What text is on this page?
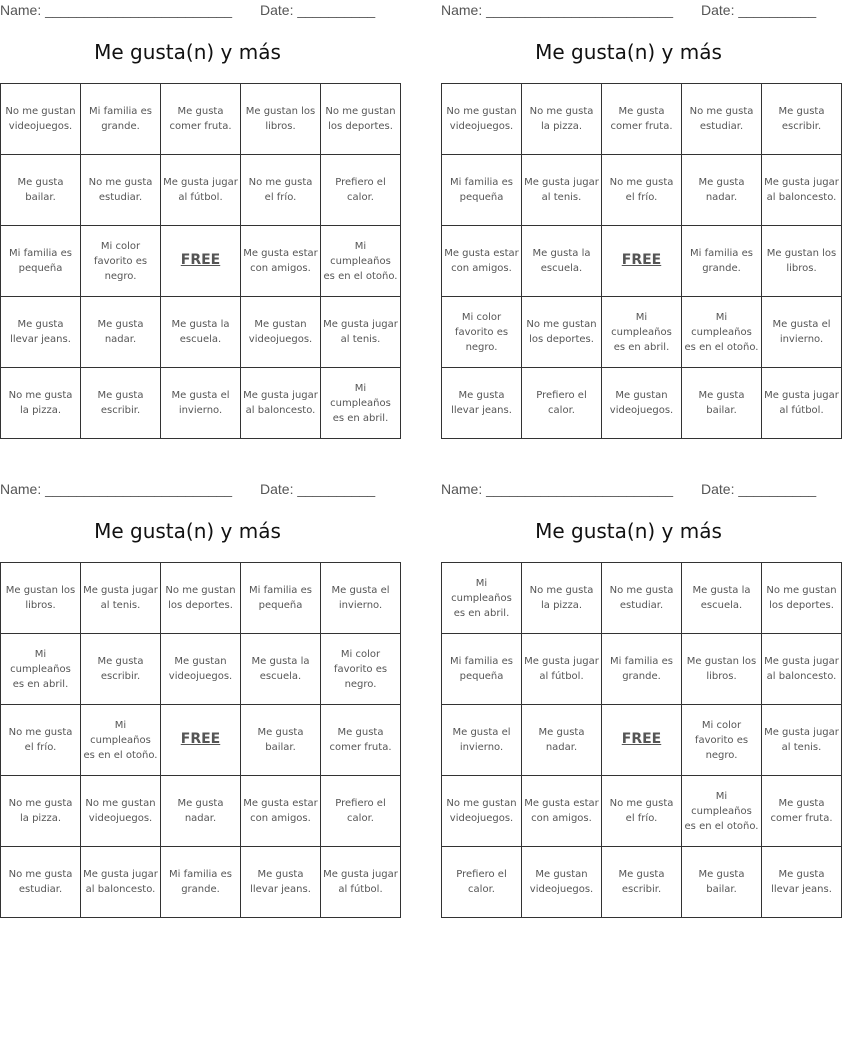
Name: ________________________ Date: __________
Me gusta(n) y más
No me gustan videojuegos.	Mi familia es grande.	Me gusta comer fruta.	Me gustan los libros.	No me gustan los deportes.
Me gusta bailar.	No me gusta estudiar.	Me gusta jugar al fútbol.	No me gusta el frío.	Prefiero el calor.
Mi familia es pequeña	Mi color favorito es negro.	FREE	Me gusta estar con amigos.	Mi cumpleaños es en el otoño.
Me gusta llevar jeans.	Me gusta nadar.	Me gusta la escuela.	Me gustan videojuegos.	Me gusta jugar al tenis.
No me gusta la pizza.	Me gusta escribir.	Me gusta el invierno.	Me gusta jugar al baloncesto.	Mi cumpleaños es en abril.
Name: ________________________ Date: __________
Me gusta(n) y más
No me gustan videojuegos.	No me gusta la pizza.	Me gusta comer fruta.	No me gusta estudiar.	Me gusta escribir.
Mi familia es pequeña	Me gusta jugar al tenis.	No me gusta el frío.	Me gusta nadar.	Me gusta jugar al baloncesto.
Me gusta estar con amigos.	Me gusta la escuela.	FREE	Mi familia es grande.	Me gustan los libros.
Mi color favorito es negro.	No me gustan los deportes.	Mi cumpleaños es en abril.	Mi cumpleaños es en el otoño.	Me gusta el invierno.
Me gusta llevar jeans.	Prefiero el calor.	Me gustan videojuegos.	Me gusta bailar.	Me gusta jugar al fútbol.
Name: ________________________ Date: __________
Me gusta(n) y más
Me gustan los libros.	Me gusta jugar al tenis.	No me gustan los deportes.	Mi familia es pequeña	Me gusta el invierno.
Mi cumpleaños es en abril.	Me gusta escribir.	Me gustan videojuegos.	Me gusta la escuela.	Mi color favorito es negro.
No me gusta el frío.	Mi cumpleaños es en el otoño.	FREE	Me gusta bailar.	Me gusta comer fruta.
No me gusta la pizza.	No me gustan videojuegos.	Me gusta nadar.	Me gusta estar con amigos.	Prefiero el calor.
No me gusta estudiar.	Me gusta jugar al baloncesto.	Mi familia es grande.	Me gusta llevar jeans.	Me gusta jugar al fútbol.
Name: ________________________ Date: __________
Me gusta(n) y más
Mi cumpleaños es en abril.	No me gusta la pizza.	No me gusta estudiar.	Me gusta la escuela.	No me gustan los deportes.
Mi familia es pequeña	Me gusta jugar al fútbol.	Mi familia es grande.	Me gustan los libros.	Me gusta jugar al baloncesto.
Me gusta el invierno.	Me gusta nadar.	FREE	Mi color favorito es negro.	Me gusta jugar al tenis.
No me gustan videojuegos.	Me gusta estar con amigos.	No me gusta el frío.	Mi cumpleaños es en el otoño.	Me gusta comer fruta.
Prefiero el calor.	Me gustan videojuegos.	Me gusta escribir.	Me gusta bailar.	Me gusta llevar jeans.
